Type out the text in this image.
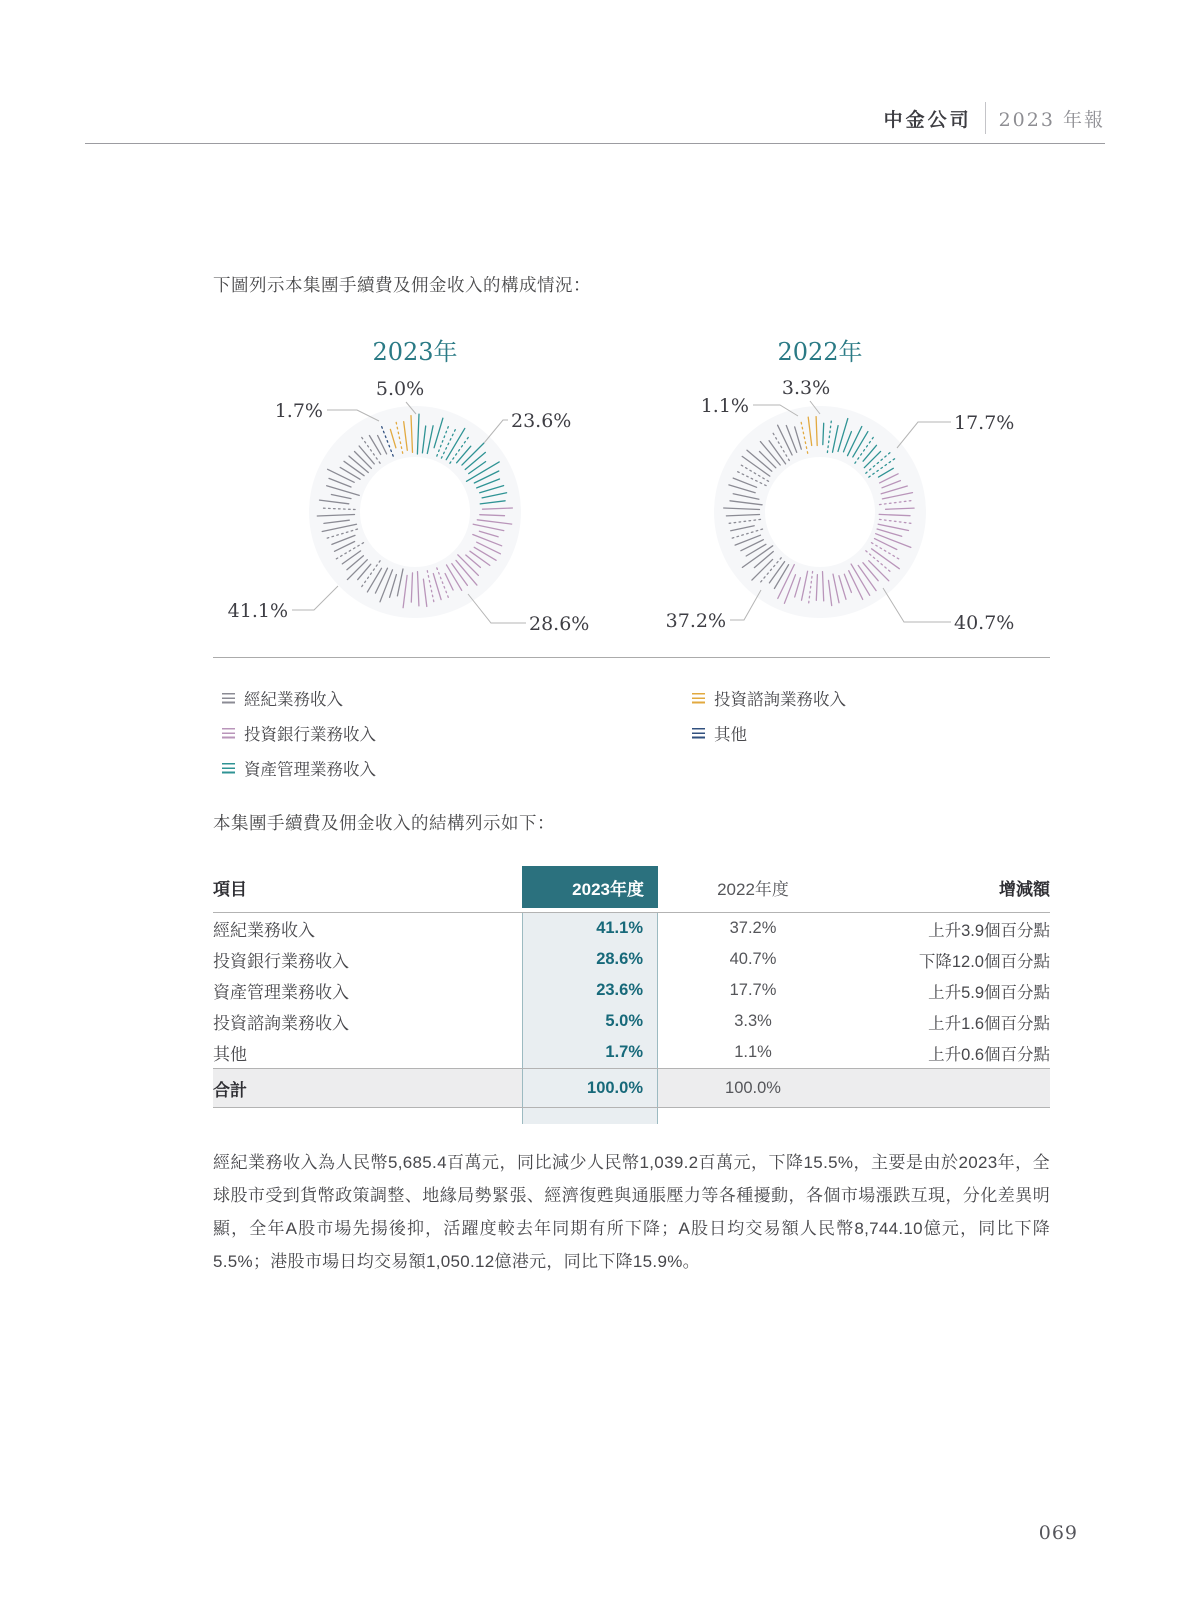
中金公司 2023 年報
下圖列示本集團手續費及佣金收入的構成情況：
2023年
5.0%
1.7%	23.6%
41.1%
28.6%
2022年
3.3%
1.1%
17.7%
37.2%	40.7%
經紀業務收入
投資銀行業務收入
資產管理業務收入
投資諮詢業務收入
其他
本集團手續費及佣金收入的結構列示如下：
項目	2023年度	2022年度	增減額
經紀業務收入	41.1%	37.2%	上升3.9個百分點
投資銀行業務收入	28.6%	40.7%	下降12.0個百分點
資產管理業務收入	23.6%	17.7%	上升5.9個百分點
投資諮詢業務收入	5.0%	3.3%	上升1.6個百分點
其他	1.7%	1.1%	上升0.6個百分點
合計	100.0%	100.0%

經紀業務收入為人民幣5,685.4百萬元，同比減少人民幣1,039.2百萬元，下降15.5%，主要是由於2023年，全球股市受到貨幣政策調整、地緣局勢緊張、經濟復甦與通脹壓力等各種擾動，各個市場漲跌互現，分化差異明顯，全年A股市場先揚後抑，活躍度較去年同期有所下降；A股日均交易額人民幣8,744.10億元，同比下降5.5%；港股市場日均交易額1,050.12億港元，同比下降15.9%。

069
